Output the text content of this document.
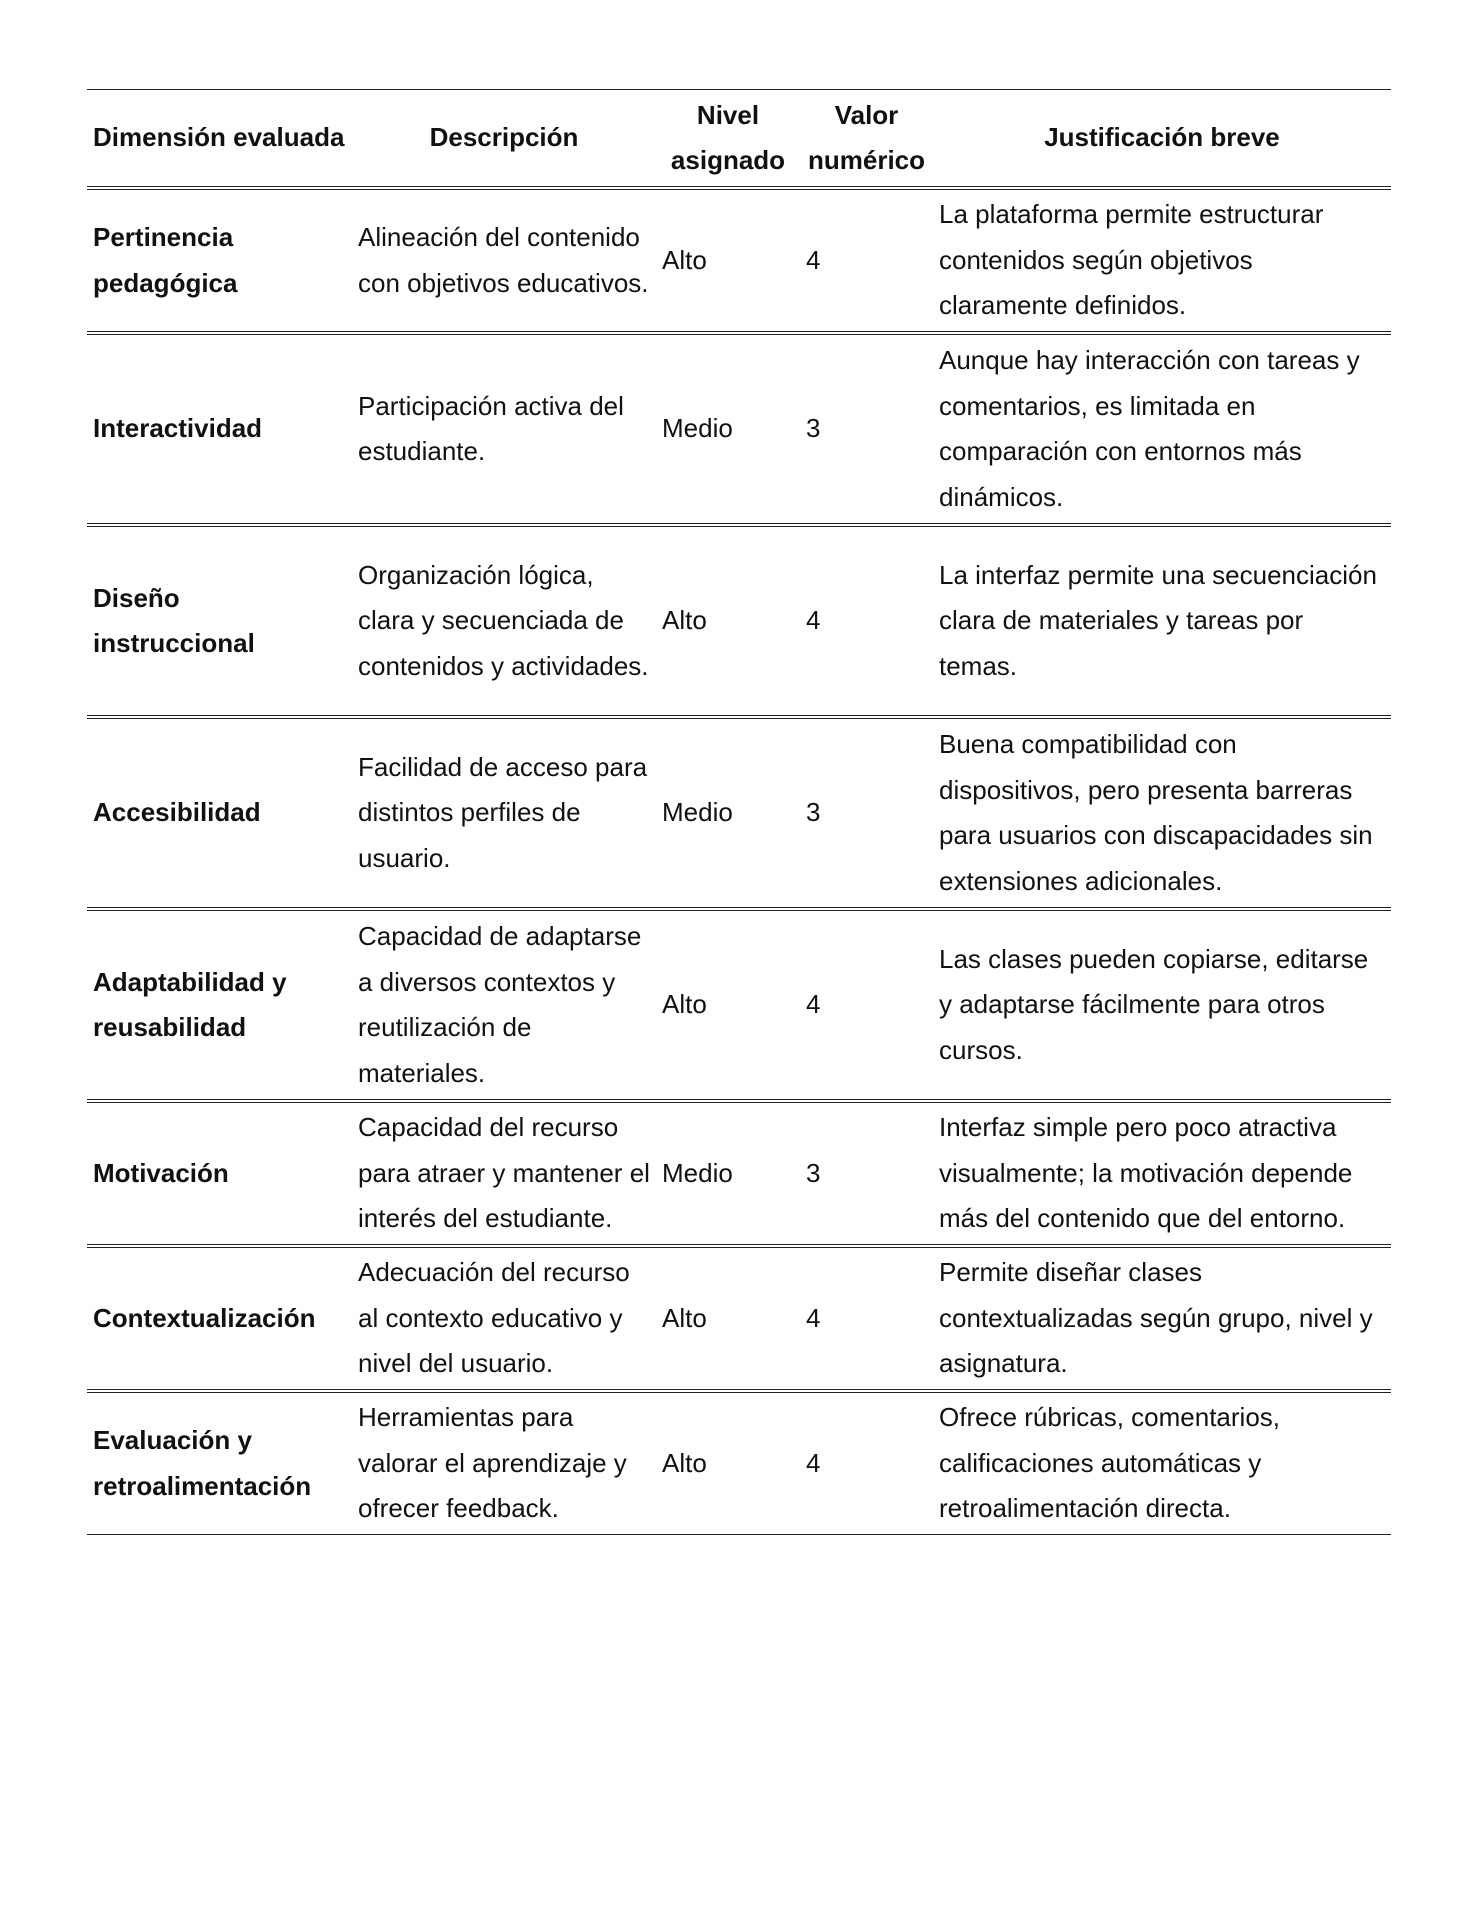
Dimensión evaluada	Descripción	Nivel asignado	Valor numérico	Justificación breve
Pertinencia pedagógica	Alineación del contenido con objetivos educativos.	Alto	4	La plataforma permite estructurar contenidos según objetivos claramente definidos.
Interactividad	Participación activa del estudiante.	Medio	3	Aunque hay interacción con tareas y comentarios, es limitada en comparación con entornos más dinámicos.
Diseño instruccional	Organización lógica, clara y secuenciada de contenidos y actividades.	Alto	4	La interfaz permite una secuenciación clara de materiales y tareas por temas.
Accesibilidad	Facilidad de acceso para distintos perfiles de usuario.	Medio	3	Buena compatibilidad con dispositivos, pero presenta barreras para usuarios con discapacidades sin extensiones adicionales.
Adaptabilidad y reusabilidad	Capacidad de adaptarse a diversos contextos y reutilización de materiales.	Alto	4	Las clases pueden copiarse, editarse y adaptarse fácilmente para otros cursos.
Motivación	Capacidad del recurso para atraer y mantener el interés del estudiante.	Medio	3	Interfaz simple pero poco atractiva visualmente; la motivación depende más del contenido que del entorno.
Contextualización	Adecuación del recurso al contexto educativo y nivel del usuario.	Alto	4	Permite diseñar clases contextualizadas según grupo, nivel y asignatura.
Evaluación y retroalimentación	Herramientas para valorar el aprendizaje y ofrecer feedback.	Alto	4	Ofrece rúbricas, comentarios, calificaciones automáticas y retroalimentación directa.
